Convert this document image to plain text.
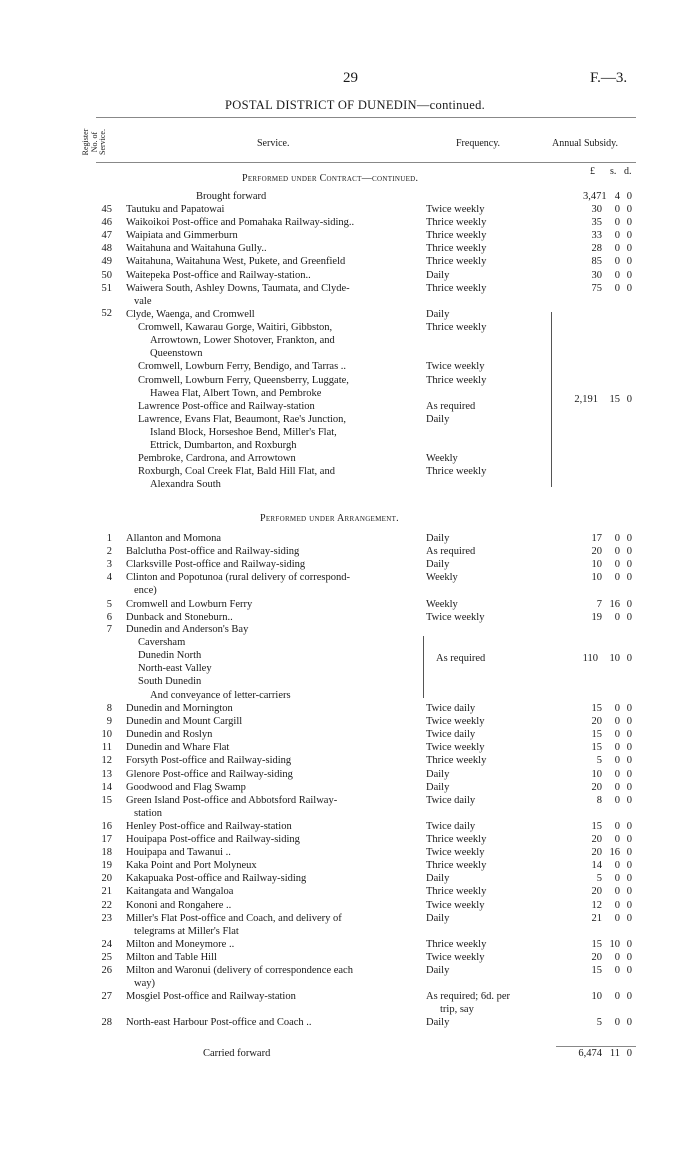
29	F.—3.
POSTAL DISTRICT OF DUNEDIN—continued.
Register No. of Service.	Service.	Frequency.	Annual Subsidy.
£ s. d.
Performed under Contract—continued.
Brought forward	3,471 4 0
45 Tautuku and Papatowai	Twice weekly	30	0 0
46 Waikoikoi Post-office and Pomahaka Railway-siding..	Thrice weekly	35	0 0
47 Waipiata and Gimmerburn	Thrice weekly	33	0 0
48 Waitahuna and Waitahuna Gully..	Thrice weekly	28	0 0
49 Waitahuna, Waitahuna West, Pukete, and Greenfield	Thrice weekly	85	0 0
50 Waitepeka Post-office and Railway-station..	Daily	30	0 0
51 Waiwera South, Ashley Downs, Taumata, and Clyde-
vale
Thrice weekly	75	0 0
52 Clyde, Waenga, and Cromwell	Daily
Cromwell, Kawarau Gorge, Waitiri, Gibbston,
Arrowtown, Lower Shotover, Frankton, and
Queenstown
Thrice weekly
Cromwell, Lowburn Ferry, Bendigo, and Tarras ..	Twice weekly
Cromwell, Lowburn Ferry, Queensberry, Luggate,
Hawea Flat, Albert Town, and Pembroke
Thrice weekly
Lawrence Post-office and Railway-station	As required
Lawrence, Evans Flat, Beaumont, Rae's Junction,
Island Block, Horseshoe Bend, Miller's Flat,
Ettrick, Dumbarton, and Roxburgh
Daily
Pembroke, Cardrona, and Arrowtown	Weekly
Roxburgh, Coal Creek Flat, Bald Hill Flat, and
Alexandra South
Thrice weekly
2,191	15 0
Performed under Arrangement.
1 Allanton and Momona	Daily	17	0 0
2 Balclutha Post-office and Railway-siding	As required	20	0 0
3 Clarksville Post-office and Railway-siding	Daily	10	0 0
4 Clinton and Popotunoa (rural delivery of correspond-
ence)
Weekly	10	0 0
5 Cromwell and Lowburn Ferry	Weekly	7 16 0
6 Dunback and Stoneburn..	Twice weekly	19	0 0
7 Dunedin and Anderson's Bay
Caversham
Dunedin North
North-east Valley
South Dunedin
And conveyance of letter-carriers
As required	110	10 0
8 Dunedin and Mornington	Twice daily	15	0 0
9 Dunedin and Mount Cargill	Twice weekly	20	0 0
10 Dunedin and Roslyn	Twice daily	15	0 0
11 Dunedin and Whare Flat	Twice weekly	15	0 0
12 Forsyth Post-office and Railway-siding	Thrice weekly	5	0 0
13 Glenore Post-office and Railway-siding	Daily	10	0 0
14 Goodwood and Flag Swamp	Daily	20	0 0
15 Green Island Post-office and Abbotsford Railway-
station
Twice daily	8	0 0
16 Henley Post-office and Railway-station	Twice daily	15	0 0
17 Houipapa Post-office and Railway-siding	Thrice weekly	20	0 0
18 Houipapa and Tawanui ..	Twice weekly	20 16 0
19 Kaka Point and Port Molyneux	Thrice weekly	14	0 0
20 Kakapuaka Post-office and Railway-siding	Daily	5	0 0
21 Kaitangata and Wangaloa	Thrice weekly	20	0 0
22 Kononi and Rongahere ..	Twice weekly	12	0 0
23 Miller's Flat Post-office and Coach, and delivery of
telegrams at Miller's Flat
Daily	21	0 0
24 Milton and Moneymore ..	Thrice weekly	15 10 0
25 Milton and Table Hill	Twice weekly	20	0 0
26 Milton and Waronui (delivery of correspondence each
way)
Daily	15	0 0
27 Mosgiel Post-office and Railway-station	As required; 6d. per
trip, say
10	0 0
28 North-east Harbour Post-office and Coach ..	Daily	5	0 0
Carried forward	6,474 11 0
